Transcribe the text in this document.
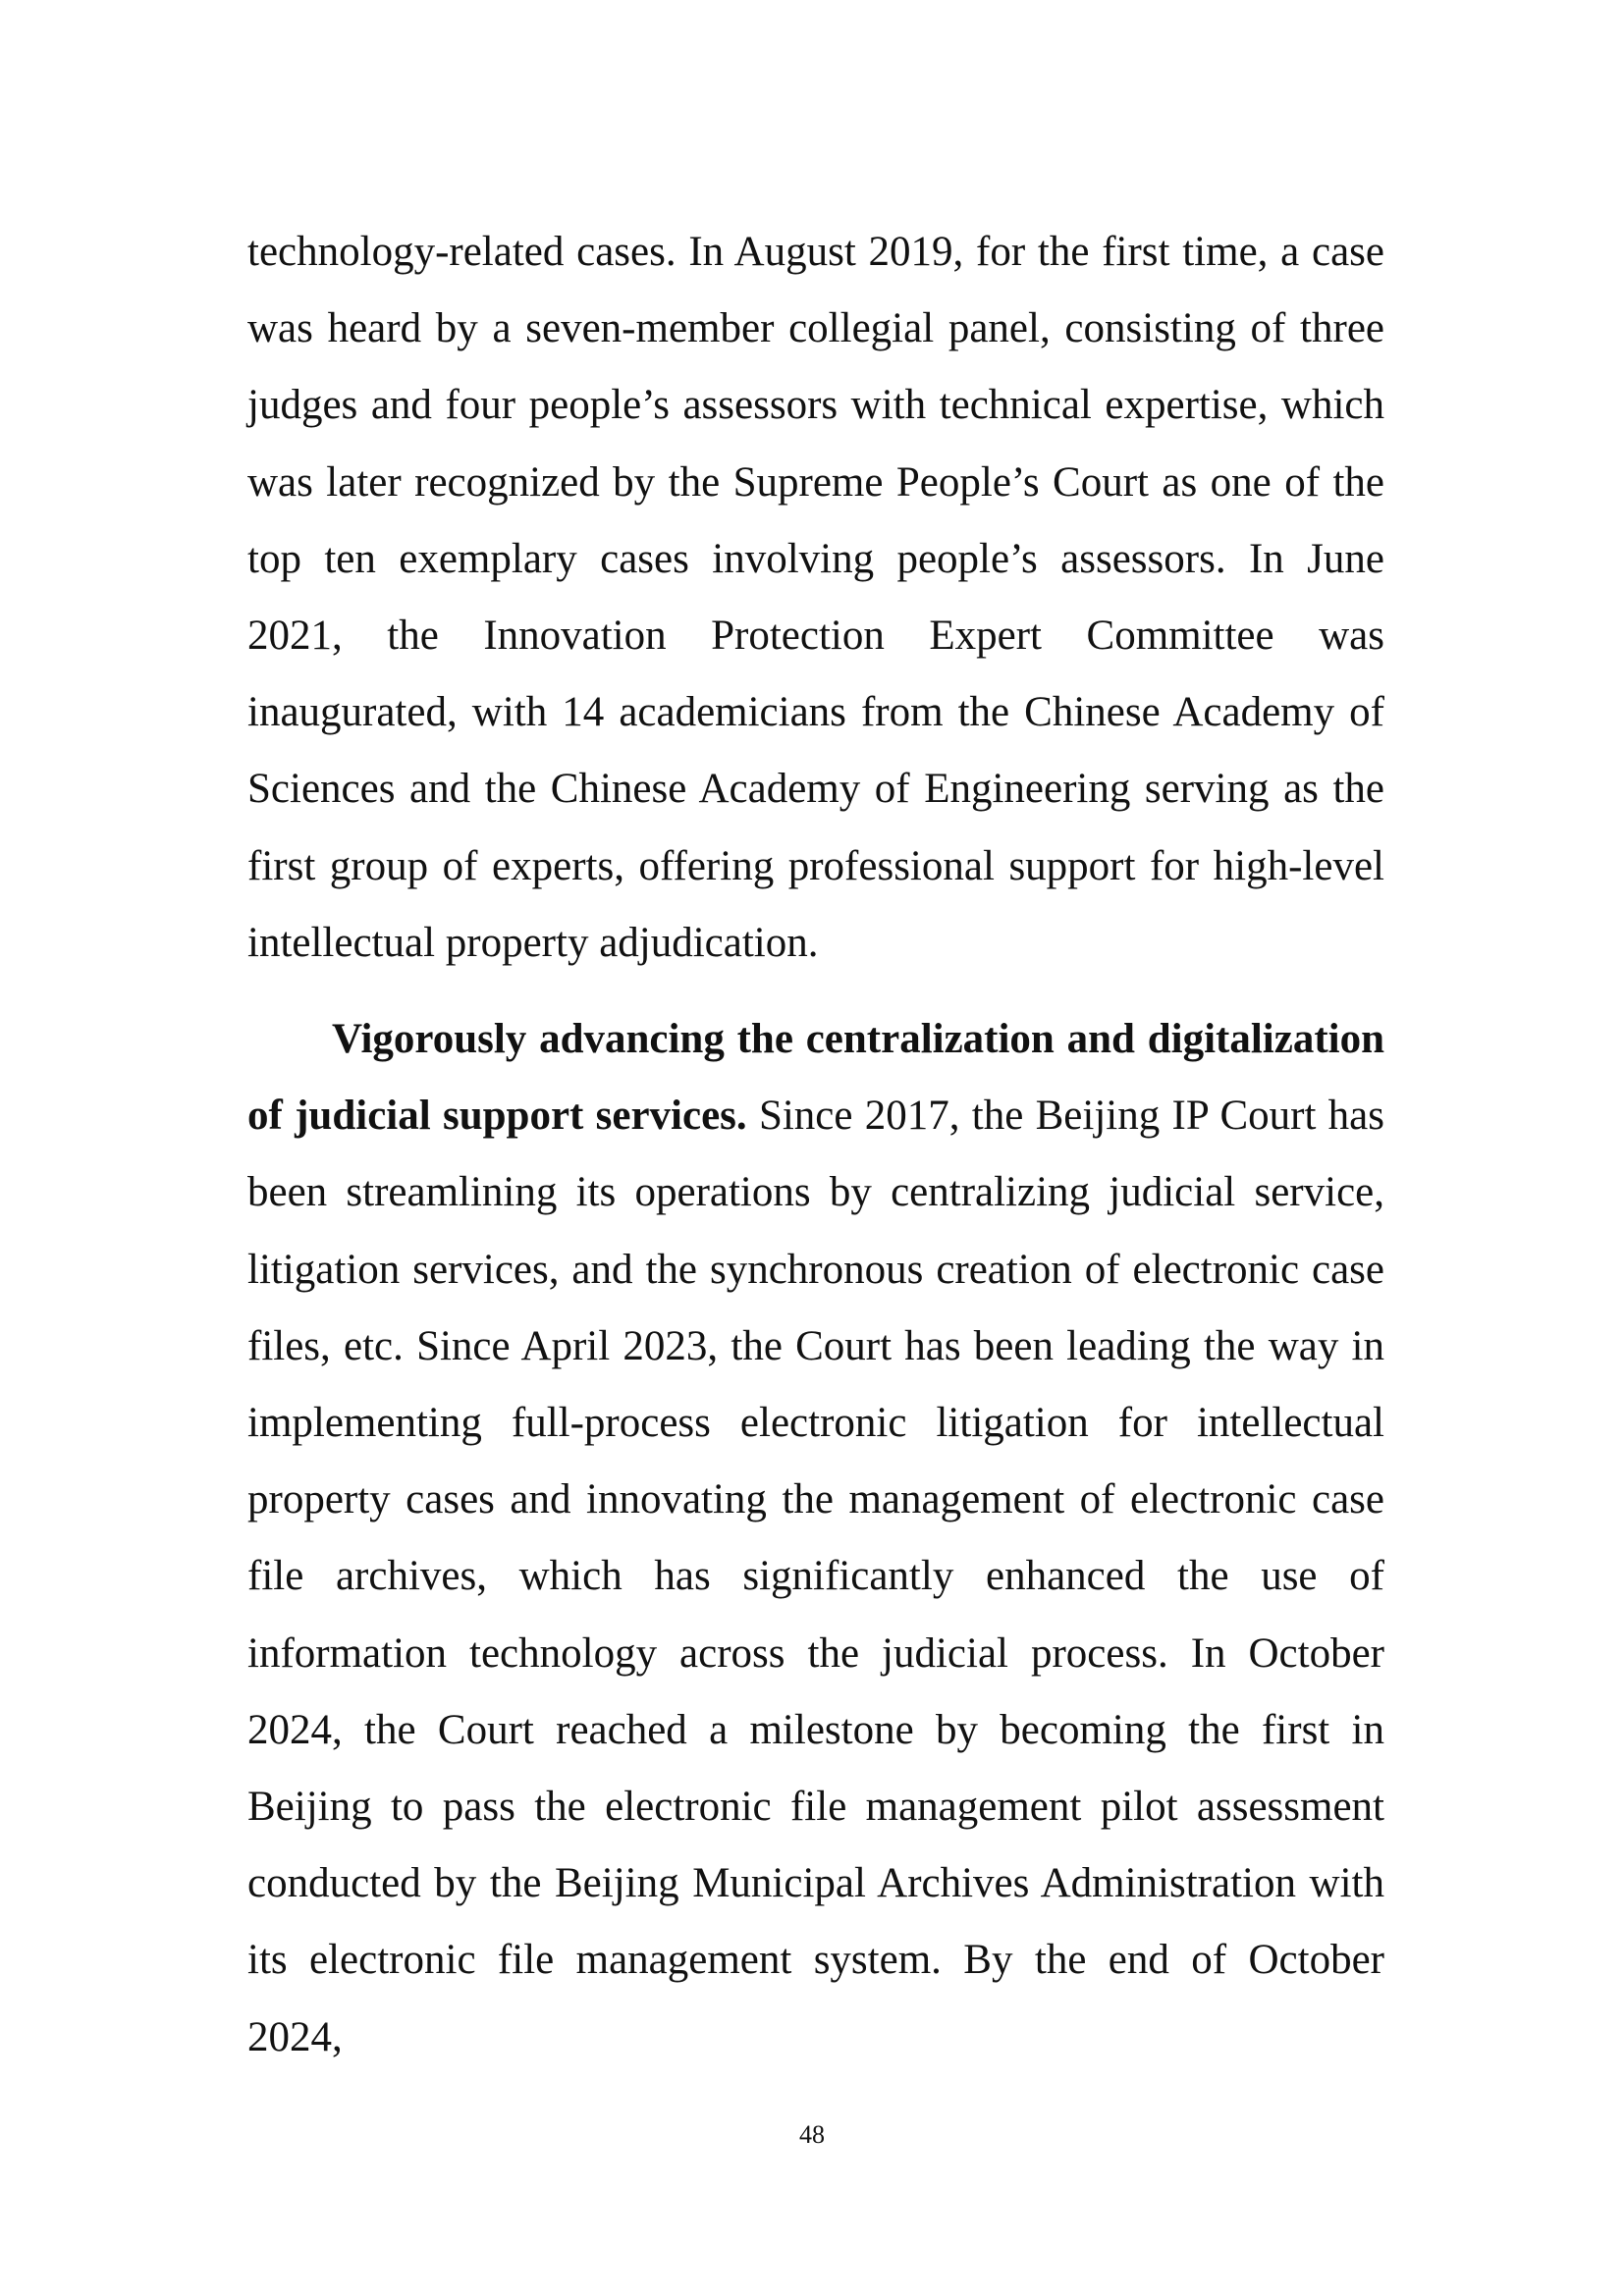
technology-related cases. In August 2019, for the first time, a case was heard by a seven-member collegial panel, consisting of three judges and four people’s assessors with technical expertise, which was later recognized by the Supreme People’s Court as one of the top ten exemplary cases involving people’s assessors. In June 2021, the Innovation Protection Expert Committee was inaugurated, with 14 academicians from the Chinese Academy of Sciences and the Chinese Academy of Engineering serving as the first group of experts, offering professional support for high-level intellectual property adjudication.

Vigorously advancing the centralization and digitalization of judicial support services. Since 2017, the Beijing IP Court has been streamlining its operations by centralizing judicial service, litigation services, and the synchronous creation of electronic case files, etc. Since April 2023, the Court has been leading the way in implementing full-process electronic litigation for intellectual property cases and innovating the management of electronic case file archives, which has significantly enhanced the use of information technology across the judicial process. In October 2024, the Court reached a milestone by becoming the first in Beijing to pass the electronic file management pilot assessment conducted by the Beijing Municipal Archives Administration with its electronic file management system. By the end of October 2024,

48
